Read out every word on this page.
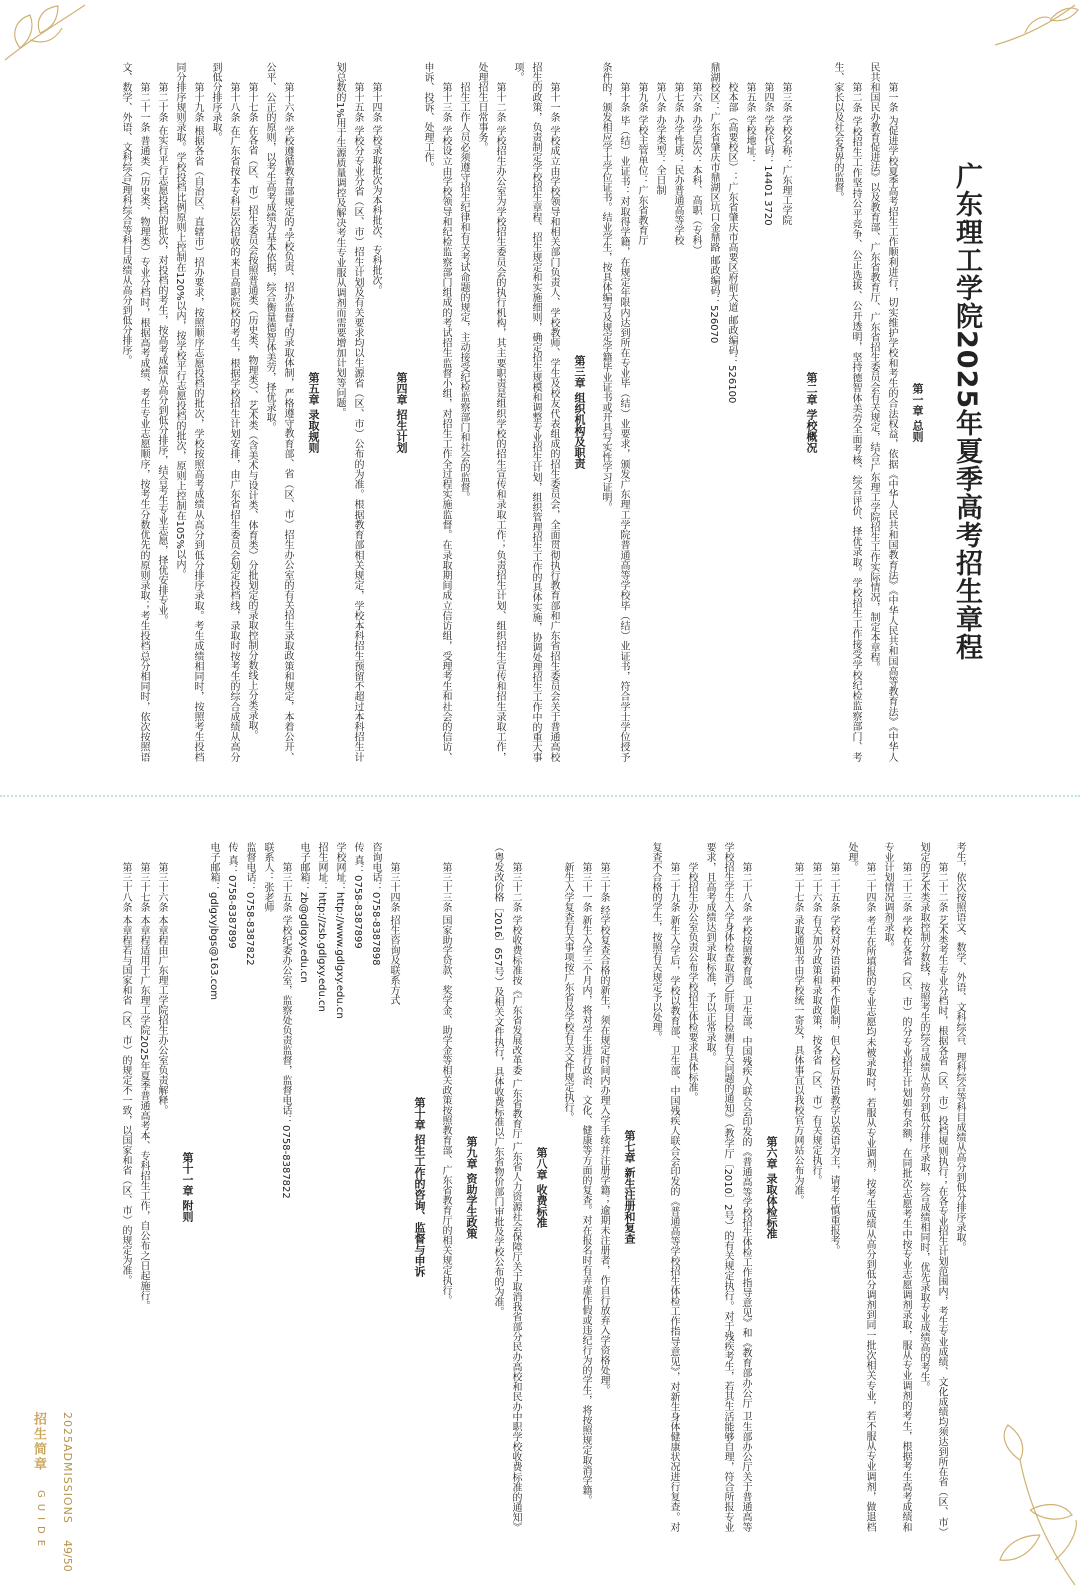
广东理工学院2025年夏季高考招生章程
第一章 总则

第一条 为促进学校夏季高考招生工作顺利进行，切实维护学校和考生的合法权益，依据《中华人民共和国教育法》《中华人民共和国高等教育法》《中华人民共和国民办教育促进法》以及教育部、广东省教育厅、广东省招生委员会有关规定，结合广东理工学院招生工作实际情况，制定本章程。

第二条 学校招生工作坚持公平竞争、公正选拔、公开透明，坚持德智体美劳全面考核、综合评价、择优录取。学校招生工作接受学校纪检监察部门、考生、家长以及社会各界的监督。

第二章 学校概况

第三条 学校名称：广东理工学院

第四条 学校代码：14401 3720

第五条 学校地址：

校本部（高要校区）：广东省肇庆市高要区府前大道 邮政编码：526100

鼎湖校区：广东省肇庆市鼎湖区坑口金鼎路 邮政编码：526070

第六条 办学层次：本科、高职（专科）

第七条 办学性质：民办普通高等学校

第八条 办学类型：全日制

第九条 学校主管单位：广东省教育厅

第十条 毕（结）业证书：对取得学籍，在规定年限内达到所在专业毕（结）业要求，颁发广东理工学院普通高等学校毕（结）业证书，符合学士学位授予条件的，颁发相应学士学位证书。结业学生，按具体编写及规定学籍毕业证书或开具写实性学习证明。

第三章 组织机构及职责

第十一条 学校成立由学校领导和相关部门负责人、学校教师、学生及校友代表组成的招生委员会，全面贯彻执行教育部和广东省招生委员会关于普通高校招生的政策，负责制定学校招生章程、招生规定和实施细则，确定招生规模和调整专业招生计划，组织管理招生工作的具体实施，协调处理招生工作中的重大事项。

第十二条 学校招生办公室为学校招生委员会的执行机构，其主要职责是组织学校的招生宣传和录取工作；负责招生计划、组织招生宣传和招生录取工作，处理招生日常事务。

招生工作人员必须遵守招生纪律和有关考试命题的规定，主动接受纪检监察部门和社会的监督。

第十三条 学校设立由学校领导和纪检监察部门组成的考试招生监督小组，对招生工作全过程实施监督。在录取期间成立信访组，受理考生和社会的信访、申诉、投诉、处理工作。

第四章 招生计划

第十四条 学校录取批次为本科批次、专科批次。

第十五条 学校分专业分省（区、市）招生计划及有关要求均以生源省（区、市）公布的为准。根据教育部相关规定，学校本科招生预留不超过本科招生计划总数的1%用于生源质量调控及解决考生专业服从调剂而需要增加计划等问题。

第五章 录取规则

第十六条 学校遵循教育部规定的"学校负责、招办监督"的录取体制，严格遵守教育部、省（区、市）招生办公室的有关招生录取政策和规定，本着公开、公平、公正的原则，以考生高考成绩为基本依据，综合衡量德智体美劳，择优录取。

第十七条 在各省（区、市）招生委员会按照普通类（历史类、物理类）、艺术类（含美术与设计类、体育类）分批划定的录取控制分数线上分类录取。

第十八条 在广东省按本专科层次招收的来自高职院校的考生，根据学校招生计划安排，由广东省招生委员会划定投档线，录取时按考生的综合成绩从高分到低分排序录取。

第十九条 根据各省（自治区、直辖市）招办要求，按照顺序志愿投档的批次，学校按照高考成绩从高分到低分排序录取。考生成绩相同时，按照考生投档同分排序规则录取。学校投档比例原则上控制在120%以内，按学校平行志愿投档的批次，原则上控制在105%以内。

第二十条 在实行平行志愿投档的批次，对投档的考生，按高考成绩从高分到低分排序，结合考生专业志愿，择优安排专业。

第二十一条 普通类（历史类、物理类）专业分档时，根据高考成绩、考生专业志愿顺序，按考生分数优先的原则录取；考生投档总分相同时，依次按照语文、数学、外语、文科综合/理科综合等科目成绩从高分到低分排序。

考生，依次按照语文、数学、外语、文科综合、理科综合等科目成绩从高分到低分排序录取。

第二十二条 艺术类考生专业分档时，根据各省（区、市）投档规则执行；在各专业招生计划范围内，考生专业成绩、文化成绩均须达到所在省（区、市）划定的艺术类录取控制分数线，按照考生的综合成绩从高分到低分排序录取，综合成绩相同时，优先录取专业成绩高的考生。

第二十三条 学校在各省（区、市）的分专业招生计划如有余额，在同批次志愿考生中按专业志愿调剂录取，服从专业调剂的考生，根据考生高考成绩和专业计划情况调剂录取。

第二十四条 考生在所填报的专业志愿均未被录取时，若服从专业调剂，按考生成绩从高分到低分调剂到同一批次相关专业，若不服从专业调剂，做退档处理。

第二十五条 学校对外语语种不作限制，但入校后外语教学以英语为主，请考生慎重报考。

第二十六条 有关加分政策和录取政策，按各省（区、市）有关规定执行。

第二十七条 录取通知书由学校统一寄发，具体事宜以我校官方网站公布为准。

第六章 录取体检标准

第二十八条 学校按照教育部、卫生部、中国残疾人联合会印发的《普通高等学校招生体检工作指导意见》和《教育部办公厅 卫生部办公厅关于普通高等学校招生学生入学身体检查取消乙肝项目检测有关问题的通知》（教学厅〔2010〕2号）的有关规定执行。对于残疾考生，若其生活能够自理，符合所报专业要求，且高考成绩达到录取标准，予以正常录取。

学校招生办公室负责公布学校招生体检要求具体标准。

第二十九条 新生入学后，学校以教育部、卫生部、中国残疾人联合会印发的《普通高等学校招生体检工作指导意见》，对新生身体健康状况进行复查。对复查不合格的学生，按照有关规定予以处理。

第七章 新生注册和复查

第三十条 经学校复查合格的新生，须在规定时间内办理入学手续并注册学籍；逾期未注册者，作自行放弃入学资格处理。

第三十一条 新生入学三个月内，将对学生进行政治、文化、健康等方面的复查。对在报名时有弄虚作假或违纪行为的学生，将按照规定取消学籍。

新生入学复查有关事项按广东省及学校有关文件规定执行。

第八章 收费标准

第三十二条 学校收费标准按《广东省发展改革委 广东省教育厅 广东省人力资源社会保障厅关于取消我省部分民办高校和民办中职学校收费标准的通知》（粤发改价格〔2016〕657号）及相关文件执行，具体收费标准以广东省物价部门审批及学校公布的为准。

第九章 资助学生政策

第三十三条 国家助学贷款、奖学金、助学金等相关政策按照教育部、广东省教育厅的相关规定执行。

第十章 招生工作的咨询、监督与申诉

第三十四条 招生咨询及联系方式

咨询电话：0758-8387898

传 真：0758-8387899

学校网址：http://www.gdlgxy.edu.cn

招生网址：http://zsb.gdlgxy.edu.cn

电子邮箱：zb@gdlgxy.edu.cn

第三十五条 学校纪委办公室，监察处负责监督，监督电话：0758-8387822

联系人：张老师

监督电话：0758-8387822

传 真：0758-8387899

电子邮箱：gdlgxyjbgs@163.com

第十一章 附则

第三十六条 本章程由广东理工学院招生办公室负责解释。

第三十七条 本章程适用于广东理工学院2025年夏季普通高考本、专科招生工作，自公布之日起施行。

第三十八条 本章程若与国家和省（区、市）的规定不一致，以国家和省（区、市）的规定为准。

招生简章
GUIDE	2025ADMISSIONS
49/50
